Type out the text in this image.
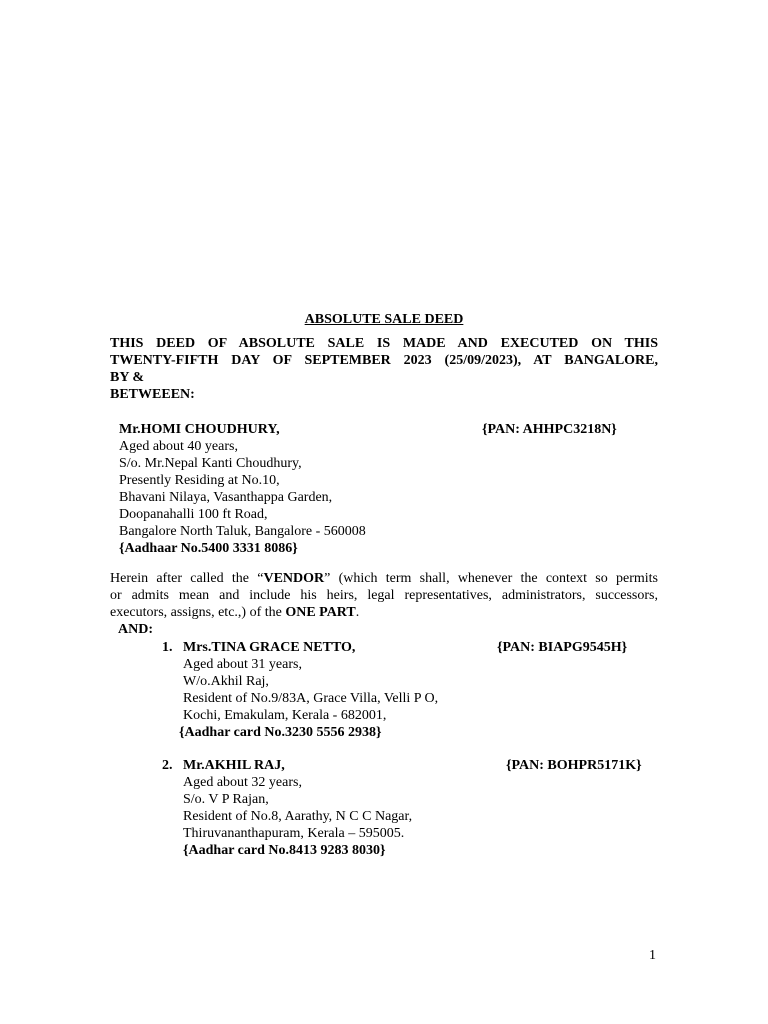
ABSOLUTE SALE DEED
THIS DEED OF ABSOLUTE SALE IS MADE AND EXECUTED ON THIS
TWENTY-FIFTH DAY OF SEPTEMBER 2023 (25/09/2023), AT BANGALORE,
BY &
BETWEEEN:
Mr.HOMI CHOUDHURY,
Aged about 40 years,
S/o. Mr.Nepal Kanti Choudhury,
Presently Residing at No.10,
Bhavani Nilaya, Vasanthappa Garden,
Doopanahalli 100 ft Road,
Bangalore North Taluk, Bangalore - 560008
{Aadhaar No.5400 3331 8086}
{PAN: AHHPC3218N}
Herein after called the “VENDOR” (which term shall, whenever the context so permits
or admits mean and include his heirs, legal representatives, administrators, successors,
executors, assigns, etc.,) of the ONE PART.
AND:
1. Mrs.TINA GRACE NETTO,
Aged about 31 years,
W/o.Akhil Raj,
Resident of No.9/83A, Grace Villa, Velli P O,
Kochi, Emakulam, Kerala - 682001,
{Aadhar card No.3230 5556 2938}
{PAN: BIAPG9545H}
2. Mr.AKHIL RAJ,
Aged about 32 years,
S/o. V P Rajan,
Resident of No.8, Aarathy, N C C Nagar,
Thiruvananthapuram, Kerala – 595005.
{Aadhar card No.8413 9283 8030}
{PAN: BOHPR5171K}
1
